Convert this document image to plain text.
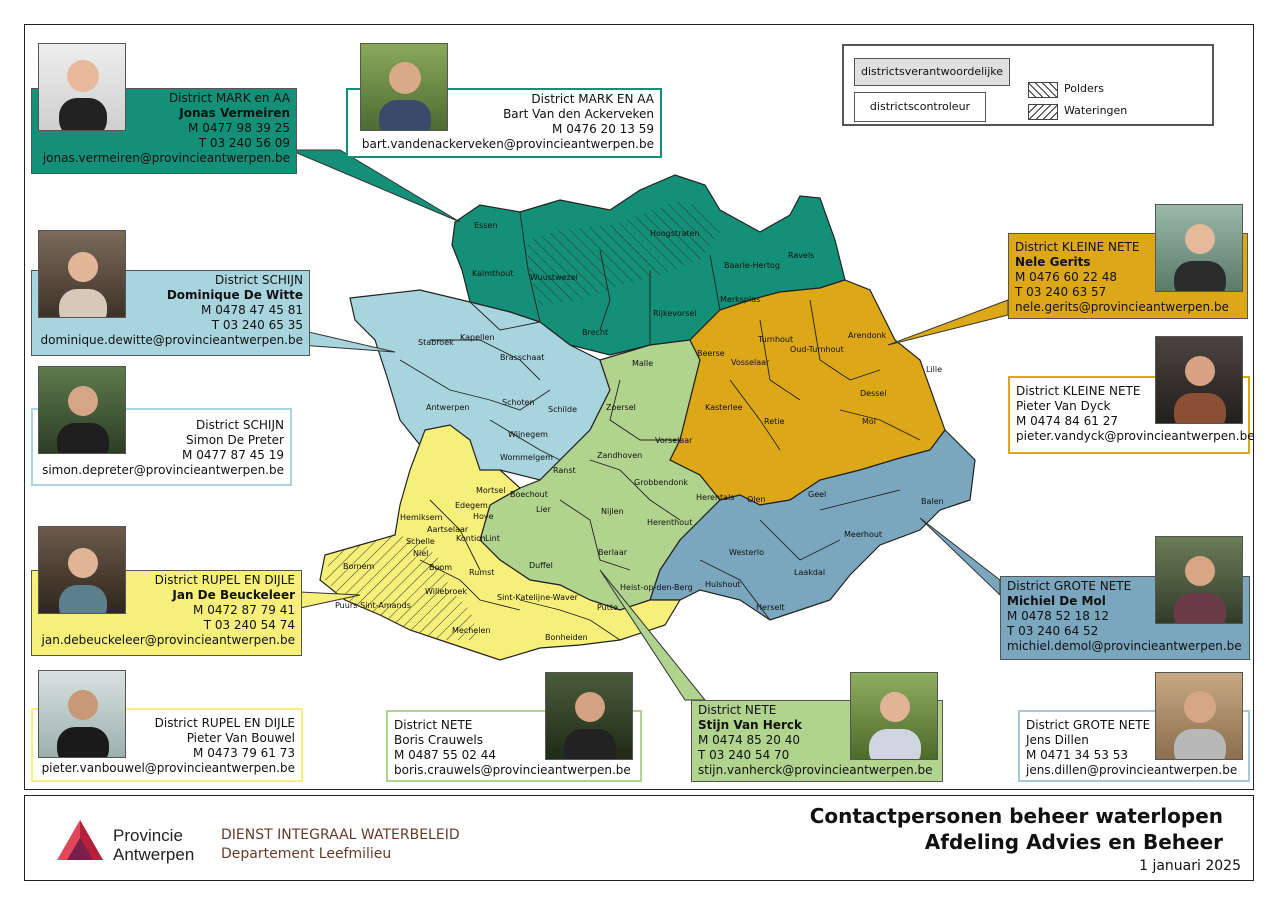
Essen
Kalmthout Wuustwezel
Hoogstraten
Baarle-Hertog
Ravels
Merksplas
Rijkevorsel
Brecht
Stabroek
Kapellen
Brasschaat
Antwerpen
Schoten
Schilde
Malle
Zoersel
Wijnegem
Wommelgem
Ranst
Zandhoven
Vorselaar
Beerse
Vosselaar
Turnhout
Oud-Turnhout
Arendonk
Lille
Kasterlee
Retie
Dessel
Mol
Grobbendonk
Herentals Olen
Geel
Balen
Meerhout
Laakdal
Westerlo
Herselt
Hulshout
Heist-op-den-Berg
Herenthout
Nijlen
Berlaar
Lier
Boechout
Mortsel
Edegem
Hove
Kontich Lint
Duffel
Hemiksem
Aartselaar
Schelle
Niel
Boom
Rumst
Bornem
Puurs-Sint-Amands
Willebroek
Mechelen
Sint-Katelijne-Waver
Bonheiden
Putte
districtsverantwoordelijke
districtscontroleur
Polders
Wateringen
District MARK en AA
Jonas Vermeiren
M 0477 98 39 25
T 03 240 56 09
jonas.vermeiren@provincieantwerpen.be
District MARK EN AA
Bart Van den Ackerveken
M 0476 20 13 59
bart.vandenackerveken@provincieantwerpen.be
District SCHIJN
Dominique De Witte
M 0478 47 45 81
T 03 240 65 35
dominique.dewitte@provincieantwerpen.be
District SCHIJN
Simon De Preter
M 0477 87 45 19
simon.depreter@provincieantwerpen.be
District RUPEL EN DIJLE
Jan De Beuckeleer
M 0472 87 79 41
T 03 240 54 74
jan.debeuckeleer@provincieantwerpen.be
District RUPEL EN DIJLE
Pieter Van Bouwel
M 0473 79 61 73
pieter.vanbouwel@provincieantwerpen.be
District NETE
Boris Crauwels
M 0487 55 02 44
boris.crauwels@provincieantwerpen.be
District NETE
Stijn Van Herck
M 0474 85 20 40
T 03 240 54 70
stijn.vanherck@provincieantwerpen.be
District GROTE NETE
Jens Dillen
M 0471 34 53 53
jens.dillen@provincieantwerpen.be
District GROTE NETE
Michiel De Mol
M 0478 52 18 12
T 03 240 64 52
michiel.demol@provincieantwerpen.be
District KLEINE NETE
Pieter Van Dyck
M 0474 84 61 27
pieter.vandyck@provincieantwerpen.be
District KLEINE NETE
Nele Gerits
M 0476 60 22 48
T 03 240 63 57
nele.gerits@provincieantwerpen.be
Provincie
Antwerpen
DIENST INTEGRAAL WATERBELEID
Departement Leefmilieu
Contactpersonen beheer waterlopen
Afdeling Advies en Beheer
1 januari 2025
